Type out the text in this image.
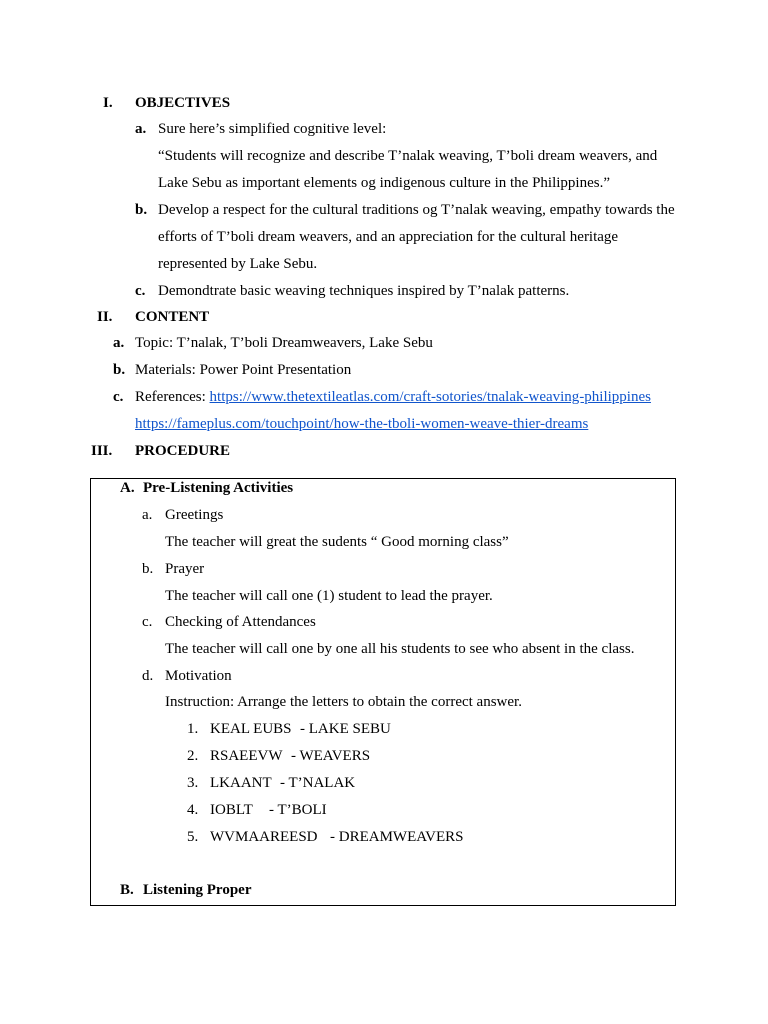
I. OBJECTIVES
a. Sure here’s simplified cognitive level:
“Students will recognize and describe T’nalak weaving, T’boli dream weavers, and
Lake Sebu as important elements og indigenous culture in the Philippines.”
b. Develop a respect for the cultural traditions og T’nalak weaving, empathy towards the
efforts of T’boli dream weavers, and an appreciation for the cultural heritage
represented by Lake Sebu.
c. Demondtrate basic weaving techniques inspired by T’nalak patterns.
II. CONTENT
a. Topic: T’nalak, T’boli Dreamweavers, Lake Sebu
b. Materials: Power Point Presentation
c. References: https://www.thetextileatlas.com/craft-sotories/tnalak-weaving-philippines
https://fameplus.com/touchpoint/how-the-tboli-women-weave-thier-dreams
III. PROCEDURE
A. Pre-Listening Activities
a. Greetings
The teacher will great the sudents “ Good morning class”
b. Prayer
The teacher will call one (1) student to lead the prayer.
c. Checking of Attendances
The teacher will call one by one all his students to see who absent in the class.
d. Motivation
Instruction: Arrange the letters to obtain the correct answer.
1. KEAL EUBS - LAKE SEBU
2. RSAEEVW - WEAVERS
3. LKAANT - T’NALAK
4. IOBLT - T’BOLI
5. WVMAAREESD - DREAMWEAVERS
B. Listening Proper
